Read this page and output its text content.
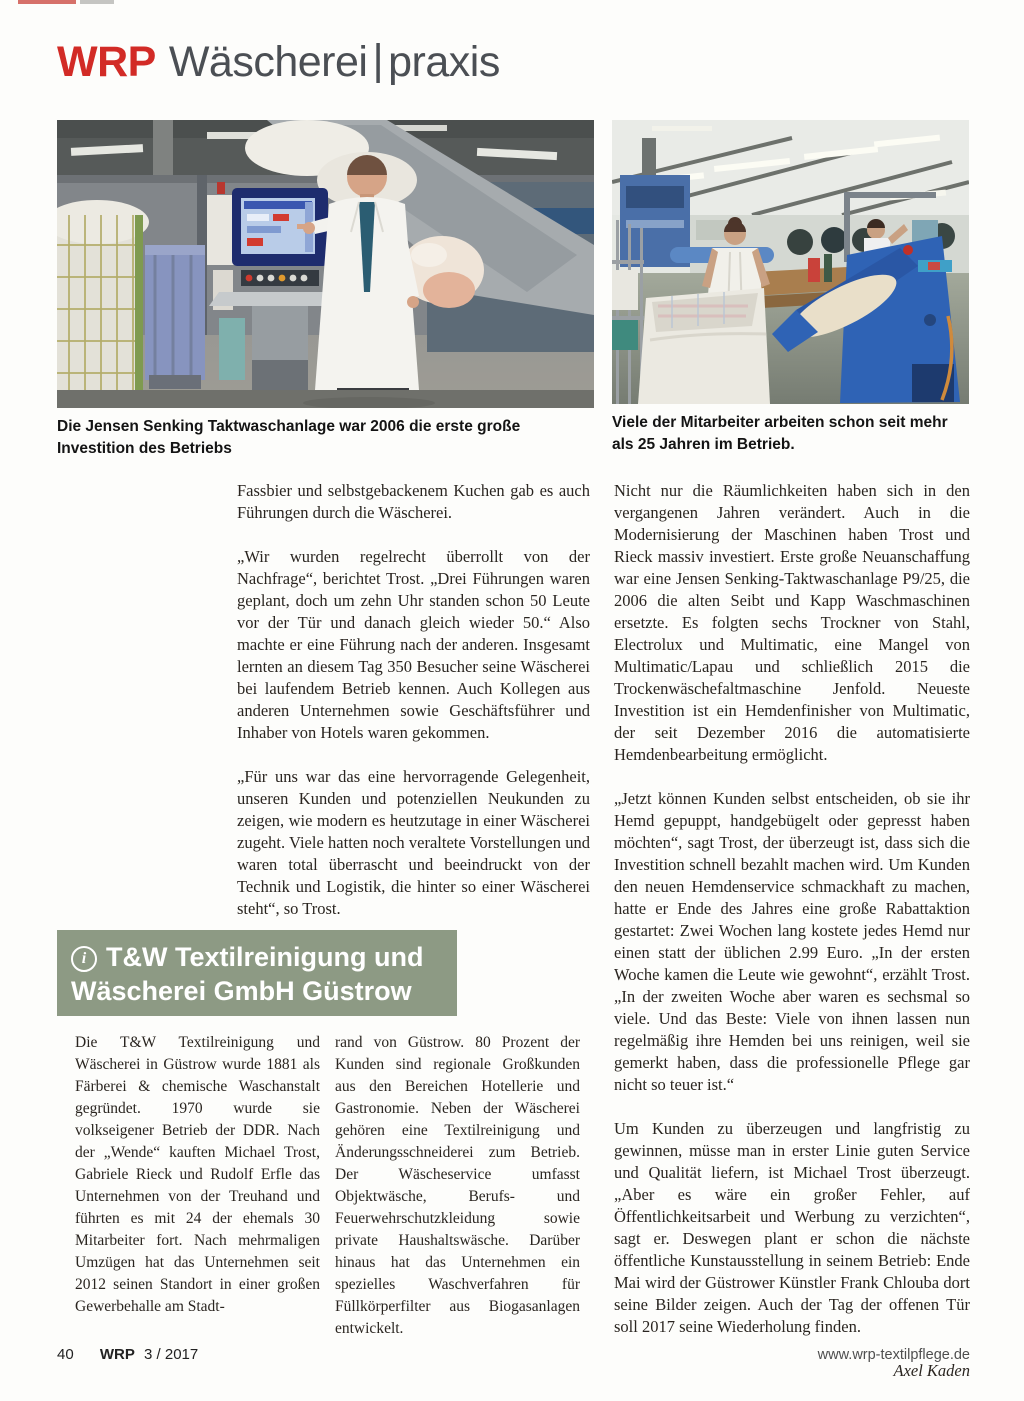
WRP Wäscherei | praxis
Die Jensen Senking Taktwaschanlage war 2006 die erste große Investition des Betriebs
Viele der Mitarbeiter arbeiten schon seit mehr als 25 Jahren im Betrieb.

Fassbier und selbstgebackenem Kuchen gab es auch Führungen durch die Wäscherei.

„Wir wurden regelrecht überrollt von der Nachfrage“, berichtet Trost. „Drei Führungen waren geplant, doch um zehn Uhr standen schon 50 Leute vor der Tür und danach gleich wieder 50.“ Also machte er eine Führung nach der anderen. Insgesamt lernten an diesem Tag 350 Besucher seine Wäscherei bei laufendem Betrieb kennen. Auch Kollegen aus anderen Unternehmen sowie Geschäftsführer und Inhaber von Hotels waren gekommen.

„Für uns war das eine hervorragende Gelegenheit, unseren Kunden und potenziellen Neukunden zu zeigen, wie modern es heutzutage in einer Wäscherei zugeht. Viele hatten noch veraltete Vorstellungen und waren total überrascht und beeindruckt von der Technik und Logistik, die hinter so einer Wäscherei steht“, so Trost.

Nicht nur die Räumlichkeiten haben sich in den vergangenen Jahren verändert. Auch in die Modernisierung der Maschinen haben Trost und Rieck massiv investiert. Erste große Neuanschaffung war eine Jensen Senking-Taktwaschanlage P9/25, die 2006 die alten Seibt und Kapp Waschmaschinen ersetzte. Es folgten sechs Trockner von Stahl, Electrolux und Multimatic, eine Mangel von Multimatic/Lapau und schließlich 2015 die Trockenwäschefaltmaschine Jenfold. Neueste Investition ist ein Hemdenfinisher von Multimatic, der seit Dezember 2016 die automatisierte Hemdenbearbeitung ermöglicht.

„Jetzt können Kunden selbst entscheiden, ob sie ihr Hemd gepuppt, handgebügelt oder gepresst haben möchten“, sagt Trost, der überzeugt ist, dass sich die Investition schnell bezahlt machen wird. Um Kunden den neuen Hemdenservice schmackhaft zu machen, hatte er Ende des Jahres eine große Rabattaktion gestartet: Zwei Wochen lang kostete jedes Hemd nur einen statt der üblichen 2.99 Euro. „In der ersten Woche kamen die Leute wie gewohnt“, erzählt Trost. „In der zweiten Woche aber waren es sechsmal so viele. Und das Beste: Viele von ihnen lassen nun regelmäßig ihre Hemden bei uns reinigen, weil sie gemerkt haben, dass die professionelle Pflege gar nicht so teuer ist.“

Um Kunden zu überzeugen und langfristig zu gewinnen, müsse man in erster Linie guten Service und Qualität liefern, ist Michael Trost überzeugt. „Aber es wäre ein großer Fehler, auf Öffentlichkeitsarbeit und Werbung zu verzichten“, sagt er. Deswegen plant er schon die nächste öffentliche Kunstausstellung in seinem Betrieb: Ende Mai wird der Güstrower Künstler Frank Chlouba dort seine Bilder zeigen. Auch der Tag der offenen Tür soll 2017 seine Wiederholung finden.

Axel Kaden

i T&W Textilreinigung und Wäscherei GmbH Güstrow
Die T&W Textilreinigung und Wäscherei in Güstrow wurde 1881 als Färberei & chemische Waschanstalt gegründet. 1970 wurde sie volkseigener Betrieb der DDR. Nach der „Wende“ kauften Michael Trost, Gabriele Rieck und Rudolf Erfle das Unternehmen von der Treuhand und führten es mit 24 der ehemals 30 Mitarbeiter fort. Nach mehrmaligen Umzügen hat das Unternehmen seit 2012 seinen Standort in einer großen Gewerbehalle am Stadt-
rand von Güstrow. 80 Prozent der Kunden sind regionale Großkunden aus den Bereichen Hotellerie und Gastronomie. Neben der Wäscherei gehören eine Textilreinigung und Änderungsschneiderei zum Betrieb. Der Wäscheservice umfasst Objektwäsche, Berufs- und Feuerwehrschutzkleidung sowie private Haushaltswäsche. Darüber hinaus hat das Unternehmen ein spezielles Waschverfahren für Füllkörperfilter aus Biogasanlagen entwickelt.
40 WRP 3 / 2017	www.wrp-textilpflege.de
